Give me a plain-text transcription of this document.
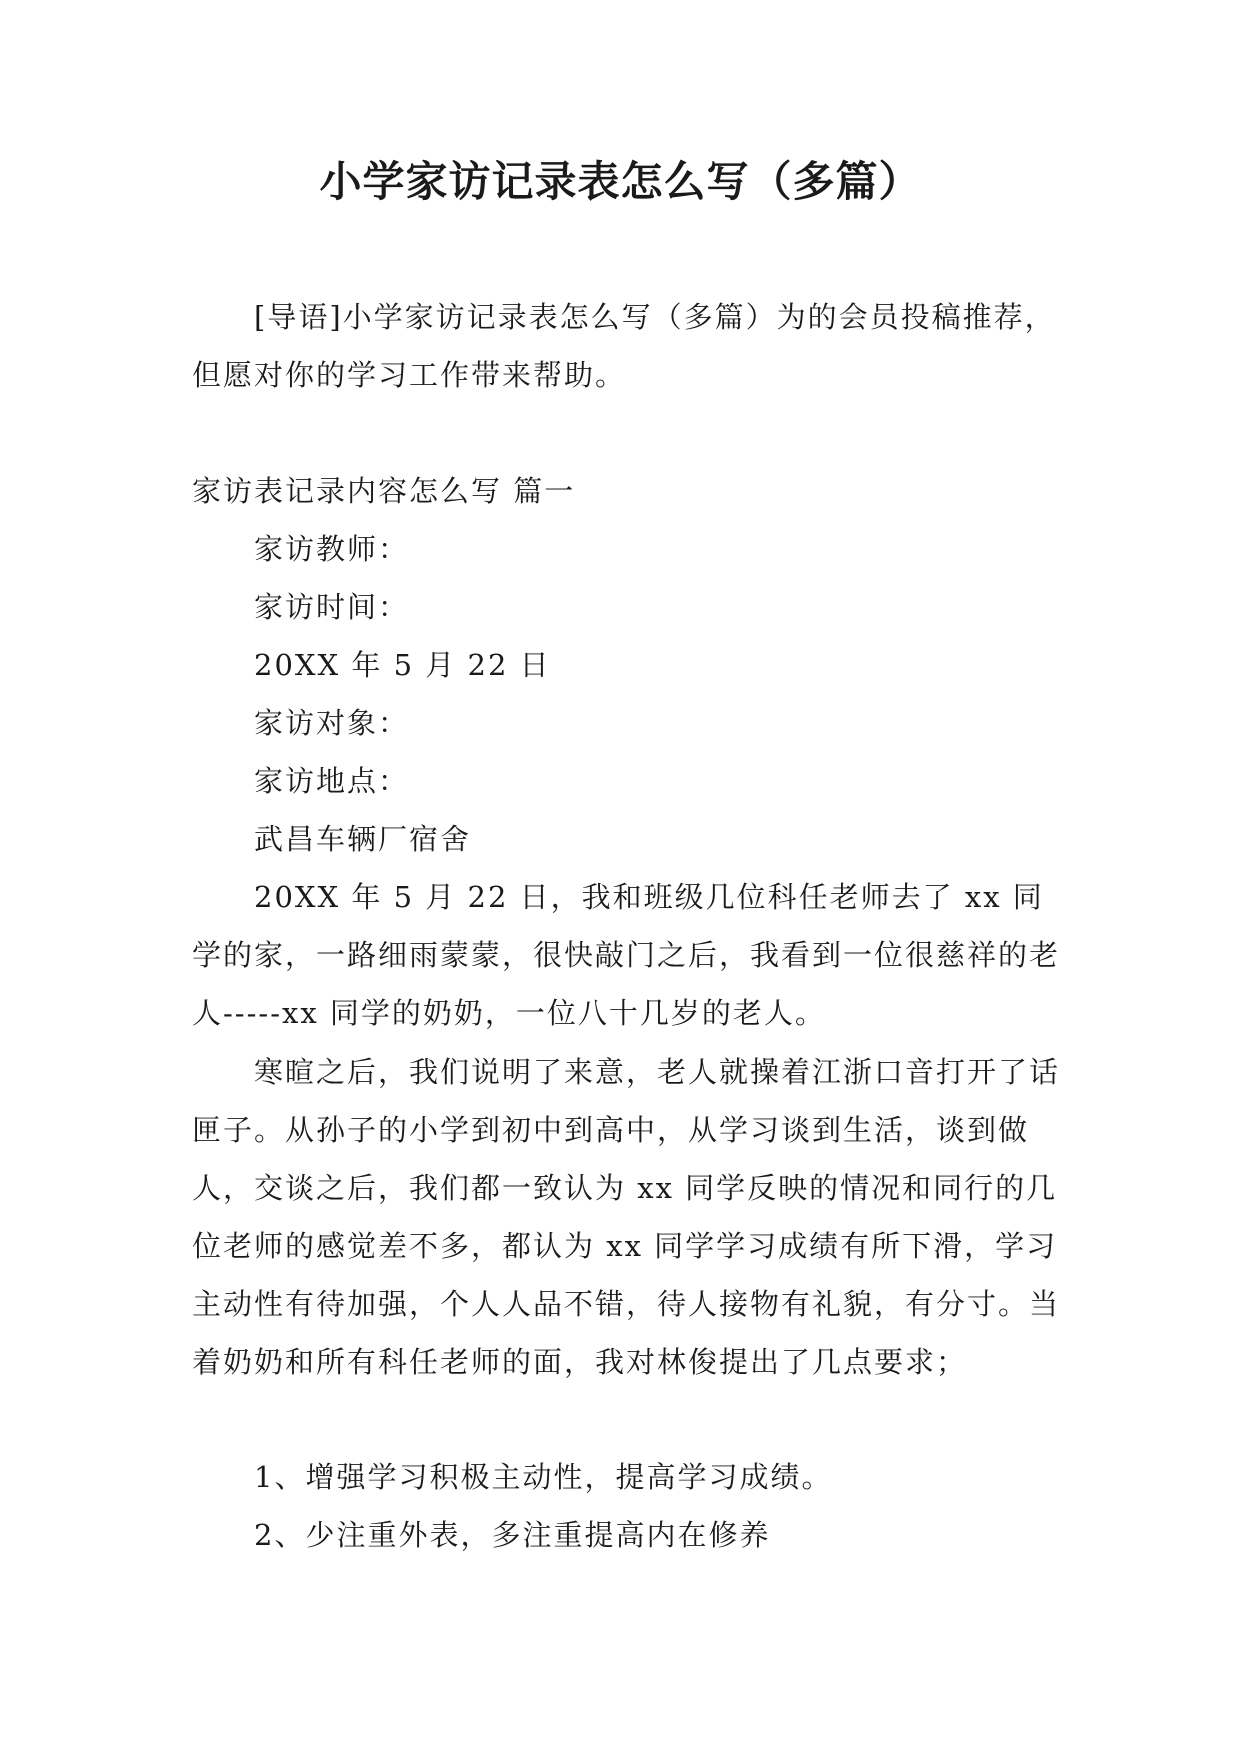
小学家访记录表怎么写（多篇）

[导语]小学家访记录表怎么写（多篇）为的会员投稿推荐，但愿对你的学习工作带来帮助。

家访表记录内容怎么写 篇一

家访教师：

家访时间：

20XX 年 5 月 22 日

家访对象：

家访地点：

武昌车辆厂宿舍

20XX 年 5 月 22 日，我和班级几位科任老师去了 xx 同学的家，一路细雨蒙蒙，很快敲门之后，我看到一位很慈祥的老人-----xx 同学的奶奶，一位八十几岁的老人。

寒暄之后，我们说明了来意，老人就操着江浙口音打开了话匣子。从孙子的小学到初中到高中，从学习谈到生活，谈到做人，交谈之后，我们都一致认为 xx 同学反映的情况和同行的几位老师的感觉差不多，都认为 xx 同学学习成绩有所下滑，学习主动性有待加强，个人人品不错，待人接物有礼貌，有分寸。当着奶奶和所有科任老师的面，我对林俊提出了几点要求；

1、增强学习积极主动性，提高学习成绩。

2、少注重外表，多注重提高内在修养
